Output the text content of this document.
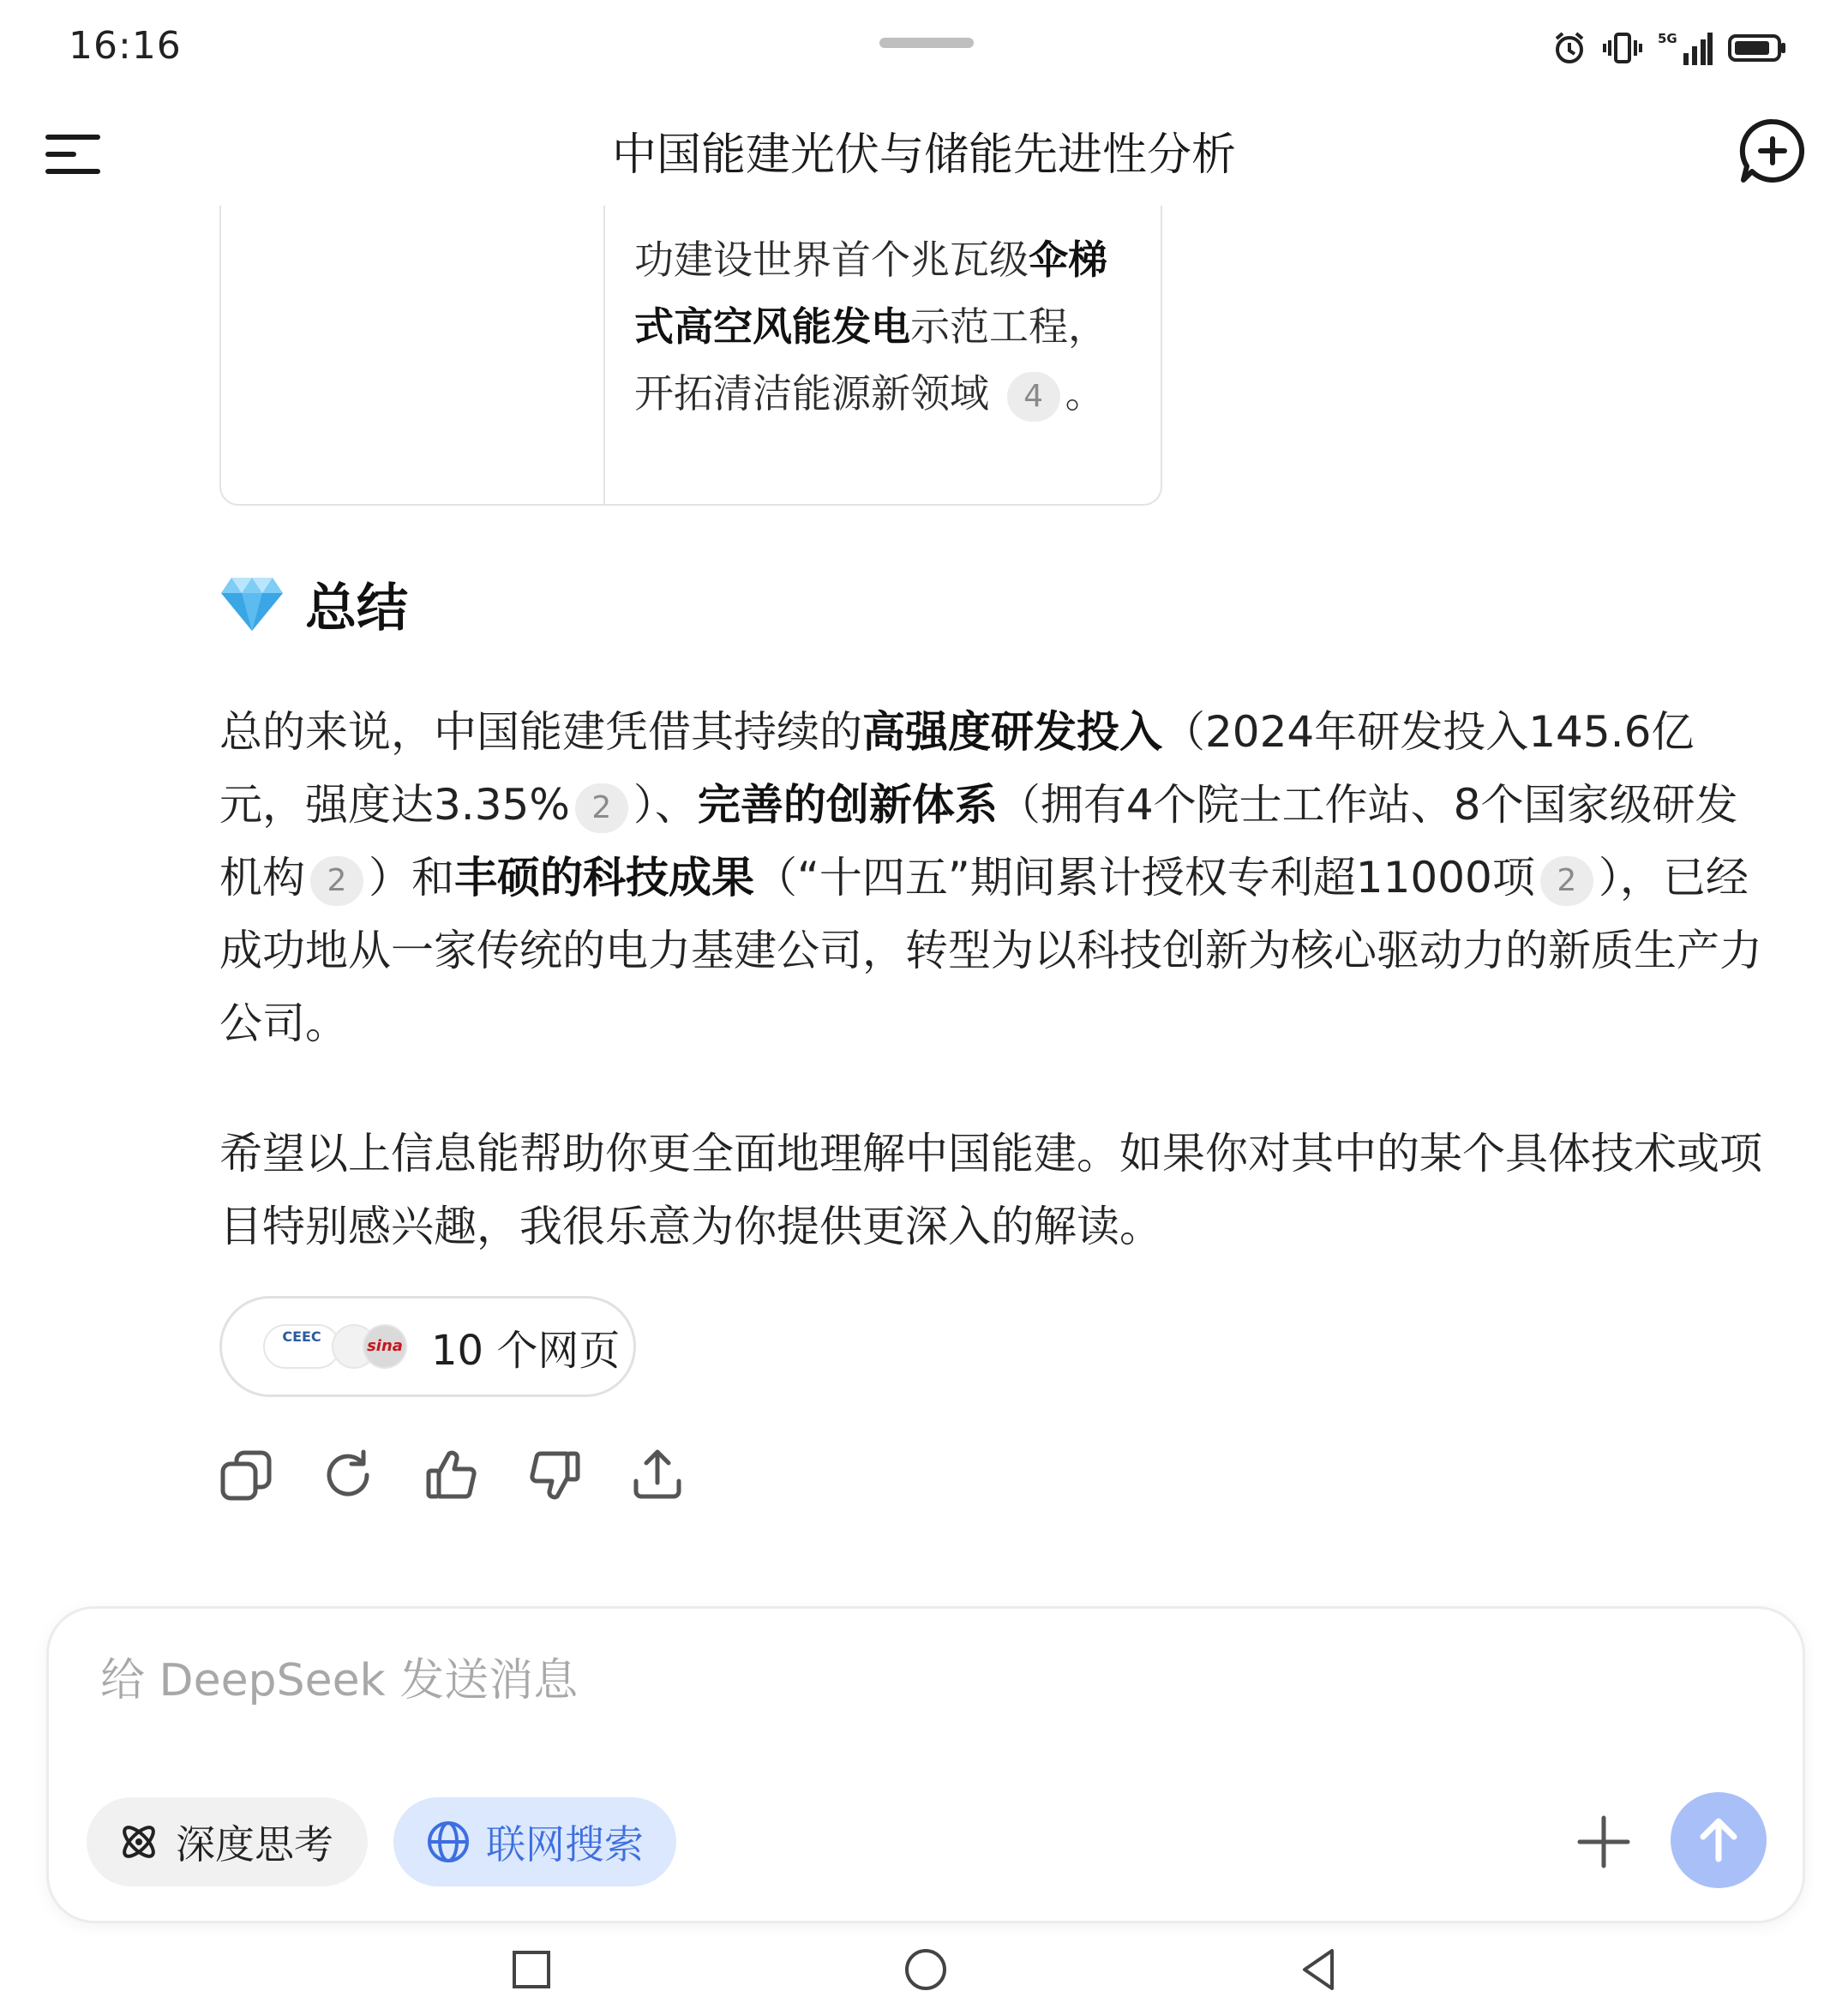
16:16	5G
中国能建光伏与储能先进性分析
功建设世界首个兆瓦级伞梯式高空风能发电示范工程，开拓清洁能源新领域 4 。
总结
总的来说，中国能建凭借其持续的高强度研发投入（2024年研发投入145.6亿元，强度达3.35% 2 ）、完善的创新体系（拥有4个院士工作站、8个国家级研发机构 2 ）和丰硕的科技成果（“十四五”期间累计授权专利超11000项 2 ），已经成功地从一家传统的电力基建公司，转型为以科技创新为核心驱动力的新质生产力公司。
希望以上信息能帮助你更全面地理解中国能建。如果你对其中的某个具体技术或项目特别感兴趣，我很乐意为你提供更深入的解读。
CEEC
sina 10 个网页
给 DeepSeek 发送消息
深度思考	联网搜索
